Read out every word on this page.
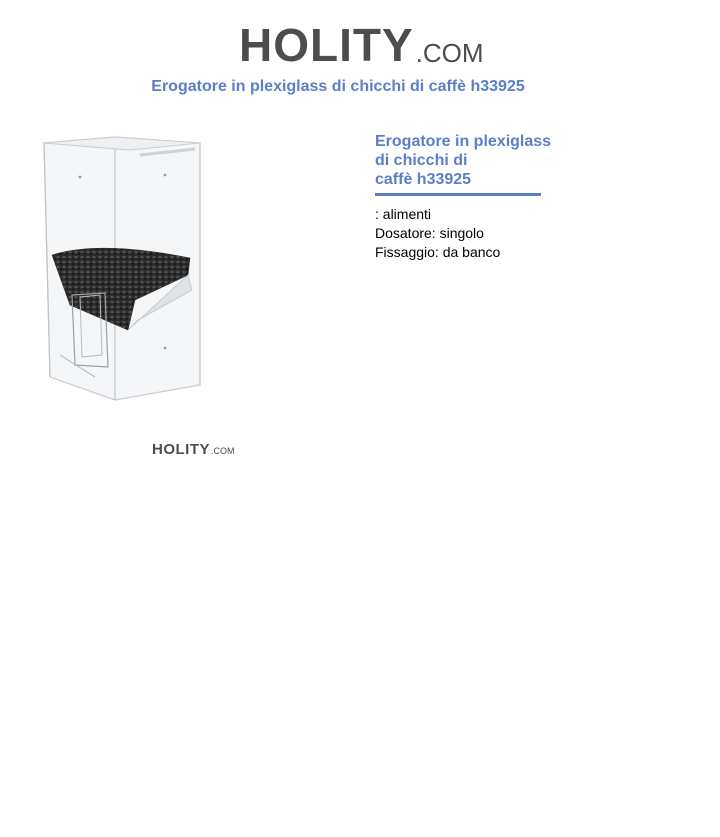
HOLITY .COM
Erogatore in plexiglass di chicchi di caffè h33925
HOLITY .COM
Erogatore in plexiglass
di chicchi di
caffè h33925
: alimenti
Dosatore: singolo
Fissaggio: da banco
